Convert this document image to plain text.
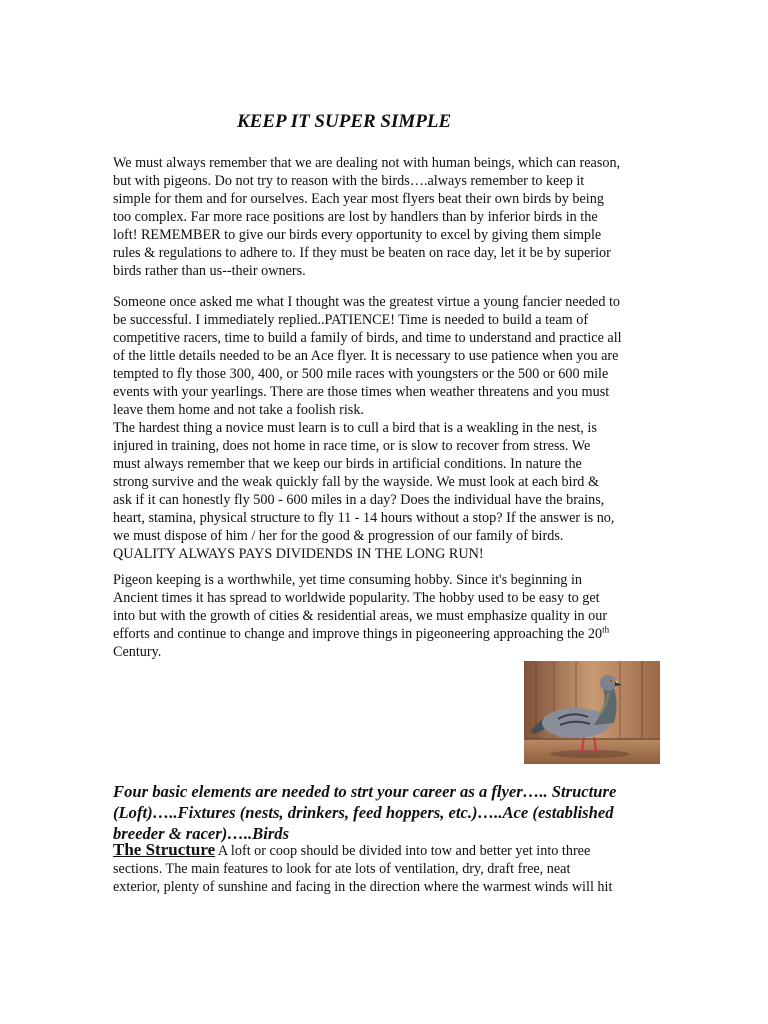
KEEP IT SUPER SIMPLE

We must always remember that we are dealing not with human beings, which can reason,
but with pigeons. Do not try to reason with the birds….always remember to keep it
simple for them and for ourselves. Each year most flyers beat their own birds by being
too complex. Far more race positions are lost by handlers than by inferior birds in the
loft! REMEMBER to give our birds every opportunity to excel by giving them simple
rules & regulations to adhere to. If they must be beaten on race day, let it be by superior
birds rather than us--their owners.

Someone once asked me what I thought was the greatest virtue a young fancier needed to
be successful. I immediately replied..PATIENCE! Time is needed to build a team of
competitive racers, time to build a family of birds, and time to understand and practice all
of the little details needed to be an Ace flyer. It is necessary to use patience when you are
tempted to fly those 300, 400, or 500 mile races with youngsters or the 500 or 600 mile
events with your yearlings. There are those times when weather threatens and you must
leave them home and not take a foolish risk.
The hardest thing a novice must learn is to cull a bird that is a weakling in the nest, is
injured in training, does not home in race time, or is slow to recover from stress. We
must always remember that we keep our birds in artificial conditions. In nature the
strong survive and the weak quickly fall by the wayside. We must look at each bird &
ask if it can honestly fly 500 - 600 miles in a day? Does the individual have the brains,
heart, stamina, physical structure to fly 11 - 14 hours without a stop? If the answer is no,
we must dispose of him / her for the good & progression of our family of birds.
QUALITY ALWAYS PAYS DIVIDENDS IN THE LONG RUN!

Pigeon keeping is a worthwhile, yet time consuming hobby. Since it's beginning in
Ancient times it has spread to worldwide popularity. The hobby used to be easy to get
into but with the growth of cities & residential areas, we must emphasize quality in our
efforts and continue to change and improve things in pigeoneering approaching the 20th
Century.

Four basic elements are needed to strt your career as a flyer….. Structure
(Loft)…..Fixtures (nests, drinkers, feed hoppers, etc.)…..Ace (established
breeder & racer)…..Birds

The Structure A loft or coop should be divided into tow and better yet into three
sections. The main features to look for ate lots of ventilation, dry, draft free, neat
exterior, plenty of sunshine and facing in the direction where the warmest winds will hit
